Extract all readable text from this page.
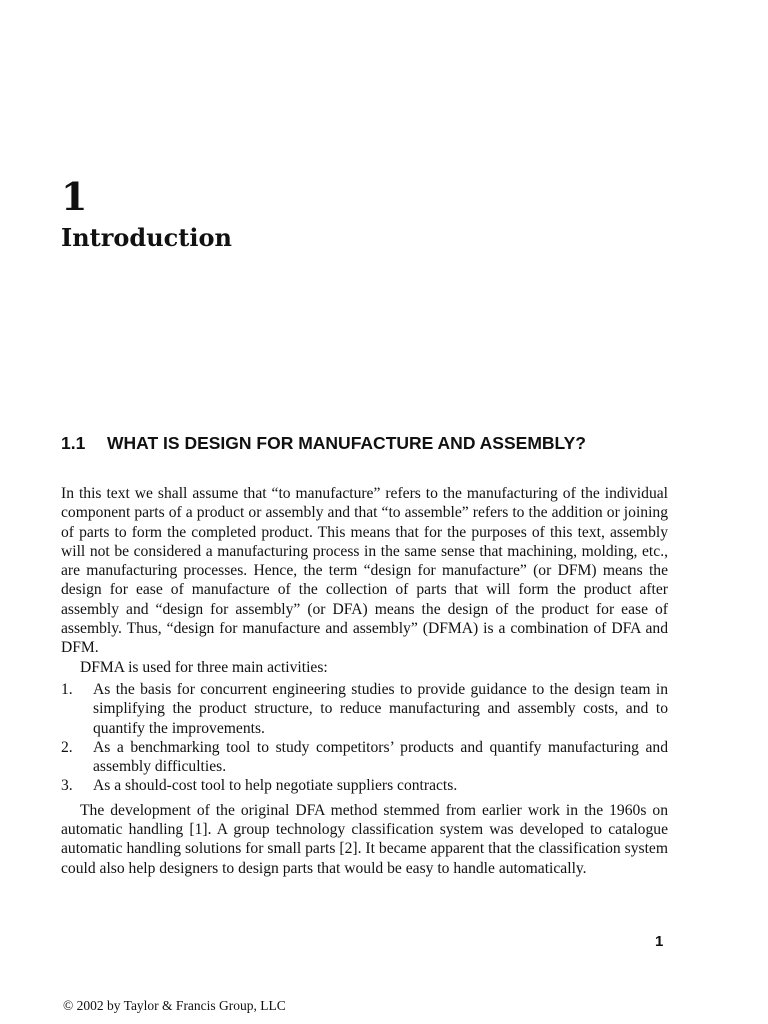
1
Introduction
1.1	WHAT IS DESIGN FOR MANUFACTURE AND ASSEMBLY?

In this text we shall assume that “to manufacture” refers to the manufacturing of the individual component parts of a product or assembly and that “to assemble” refers to the addition or joining of parts to form the completed product. This means that for the purposes of this text, assembly will not be considered a manufacturing process in the same sense that machining, molding, etc., are manufacturing processes. Hence, the term “design for manufacture” (or DFM) means the design for ease of manufacture of the collection of parts that will form the product after assembly and “design for assembly” (or DFA) means the design of the product for ease of assembly. Thus, “design for manufacture and assembly” (DFMA) is a combination of DFA and DFM.

DFMA is used for three main activities:

1. As the basis for concurrent engineering studies to provide guidance to the design team in simplifying the product structure, to reduce manufacturing and assembly costs, and to quantify the improvements.
2. As a benchmarking tool to study competitors’ products and quantify manufacturing and assembly difficulties.
3. As a should-cost tool to help negotiate suppliers contracts.

The development of the original DFA method stemmed from earlier work in the 1960s on automatic handling [1]. A group technology classification system was developed to catalogue automatic handling solutions for small parts [2]. It became apparent that the classification system could also help designers to design parts that would be easy to handle automatically.

1
© 2002 by Taylor & Francis Group, LLC
